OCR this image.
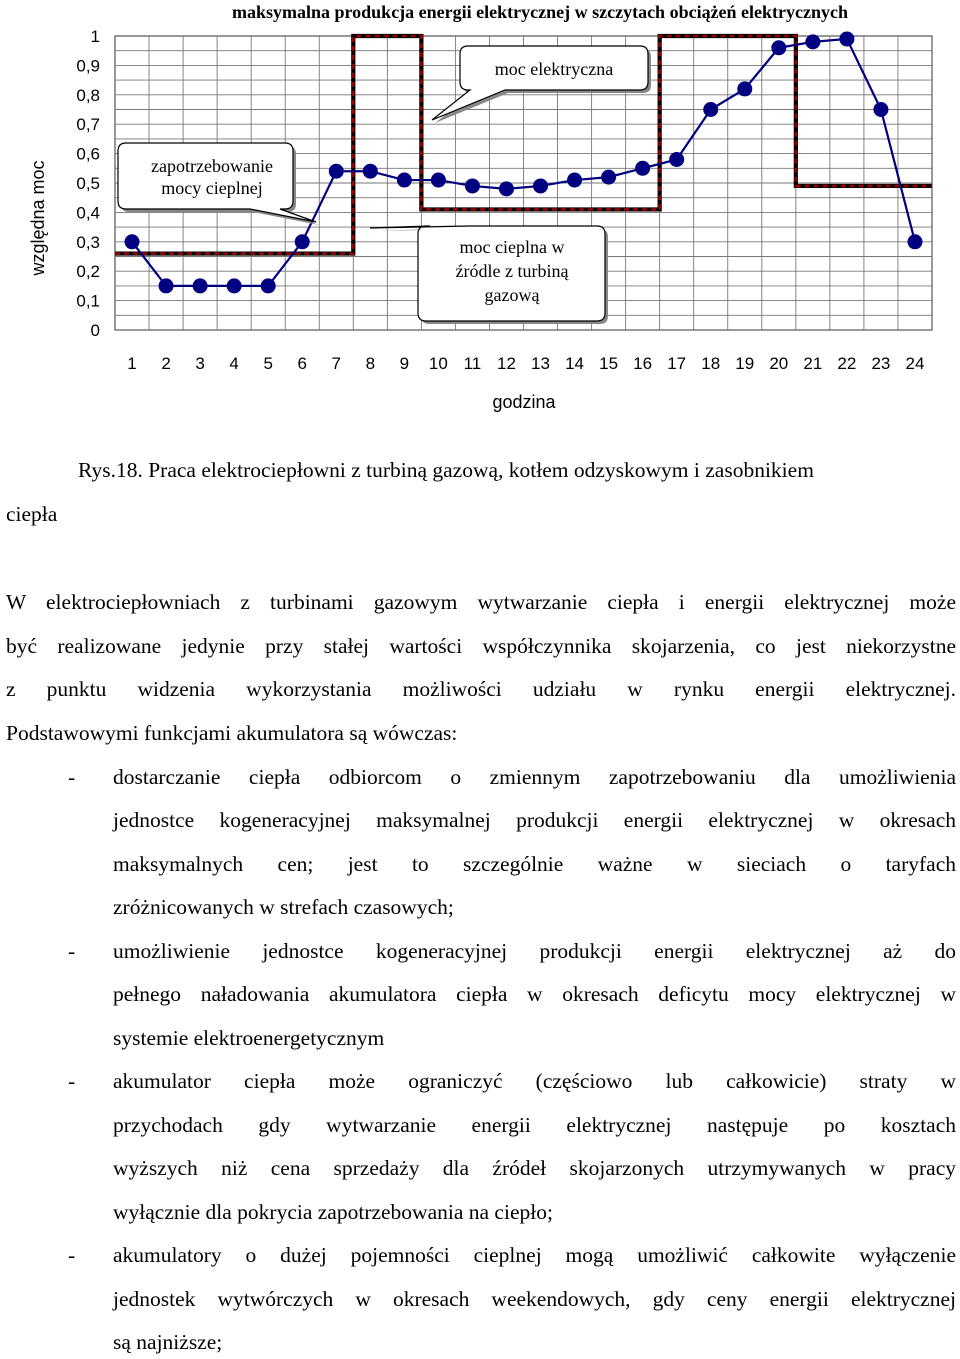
moc elektryczna
zapotrzebowanie
mocy cieplnej
moc cieplna w
źródle z turbiną
gazową
0
0,1
0,2
0,3
0,4
0,5
0,6
0,7
0,8
0,9
1
1 2 3 4 5 6 7 8 9 10 11 12 13 14 15 16 17 18 19 20 21 22 23 24
maksymalna produkcja energii elektrycznej w szczytach obciążeń elektrycznych
godzina
względna moc
Rys.18. Praca elektrociepłowni z turbiną gazową, kotłem odzyskowym i zasobnikiem
ciepła
W elektrociepłowniach z turbinami gazowym wytwarzanie ciepła i energii elektrycznej może
być realizowane jedynie przy stałej wartości współczynnika skojarzenia, co jest niekorzystne
z punktu widzenia wykorzystania możliwości udziału w rynku energii elektrycznej.
Podstawowymi funkcjami akumulatora są wówczas:
- dostarczanie ciepła odbiorcom o zmiennym zapotrzebowaniu dla umożliwienia
jednostce kogeneracyjnej maksymalnej produkcji energii elektrycznej w okresach
maksymalnych cen; jest to szczególnie ważne w sieciach o taryfach
zróżnicowanych w strefach czasowych;
- umożliwienie jednostce kogeneracyjnej produkcji energii elektrycznej aż do
pełnego naładowania akumulatora ciepła w okresach deficytu mocy elektrycznej w
systemie elektroenergetycznym
- akumulator ciepła może ograniczyć (częściowo lub całkowicie) straty w
przychodach gdy wytwarzanie energii elektrycznej następuje po kosztach
wyższych niż cena sprzedaży dla źródeł skojarzonych utrzymywanych w pracy
wyłącznie dla pokrycia zapotrzebowania na ciepło;
- akumulatory o dużej pojemności cieplnej mogą umożliwić całkowite wyłączenie
jednostek wytwórczych w okresach weekendowych, gdy ceny energii elektrycznej
są najniższe;
